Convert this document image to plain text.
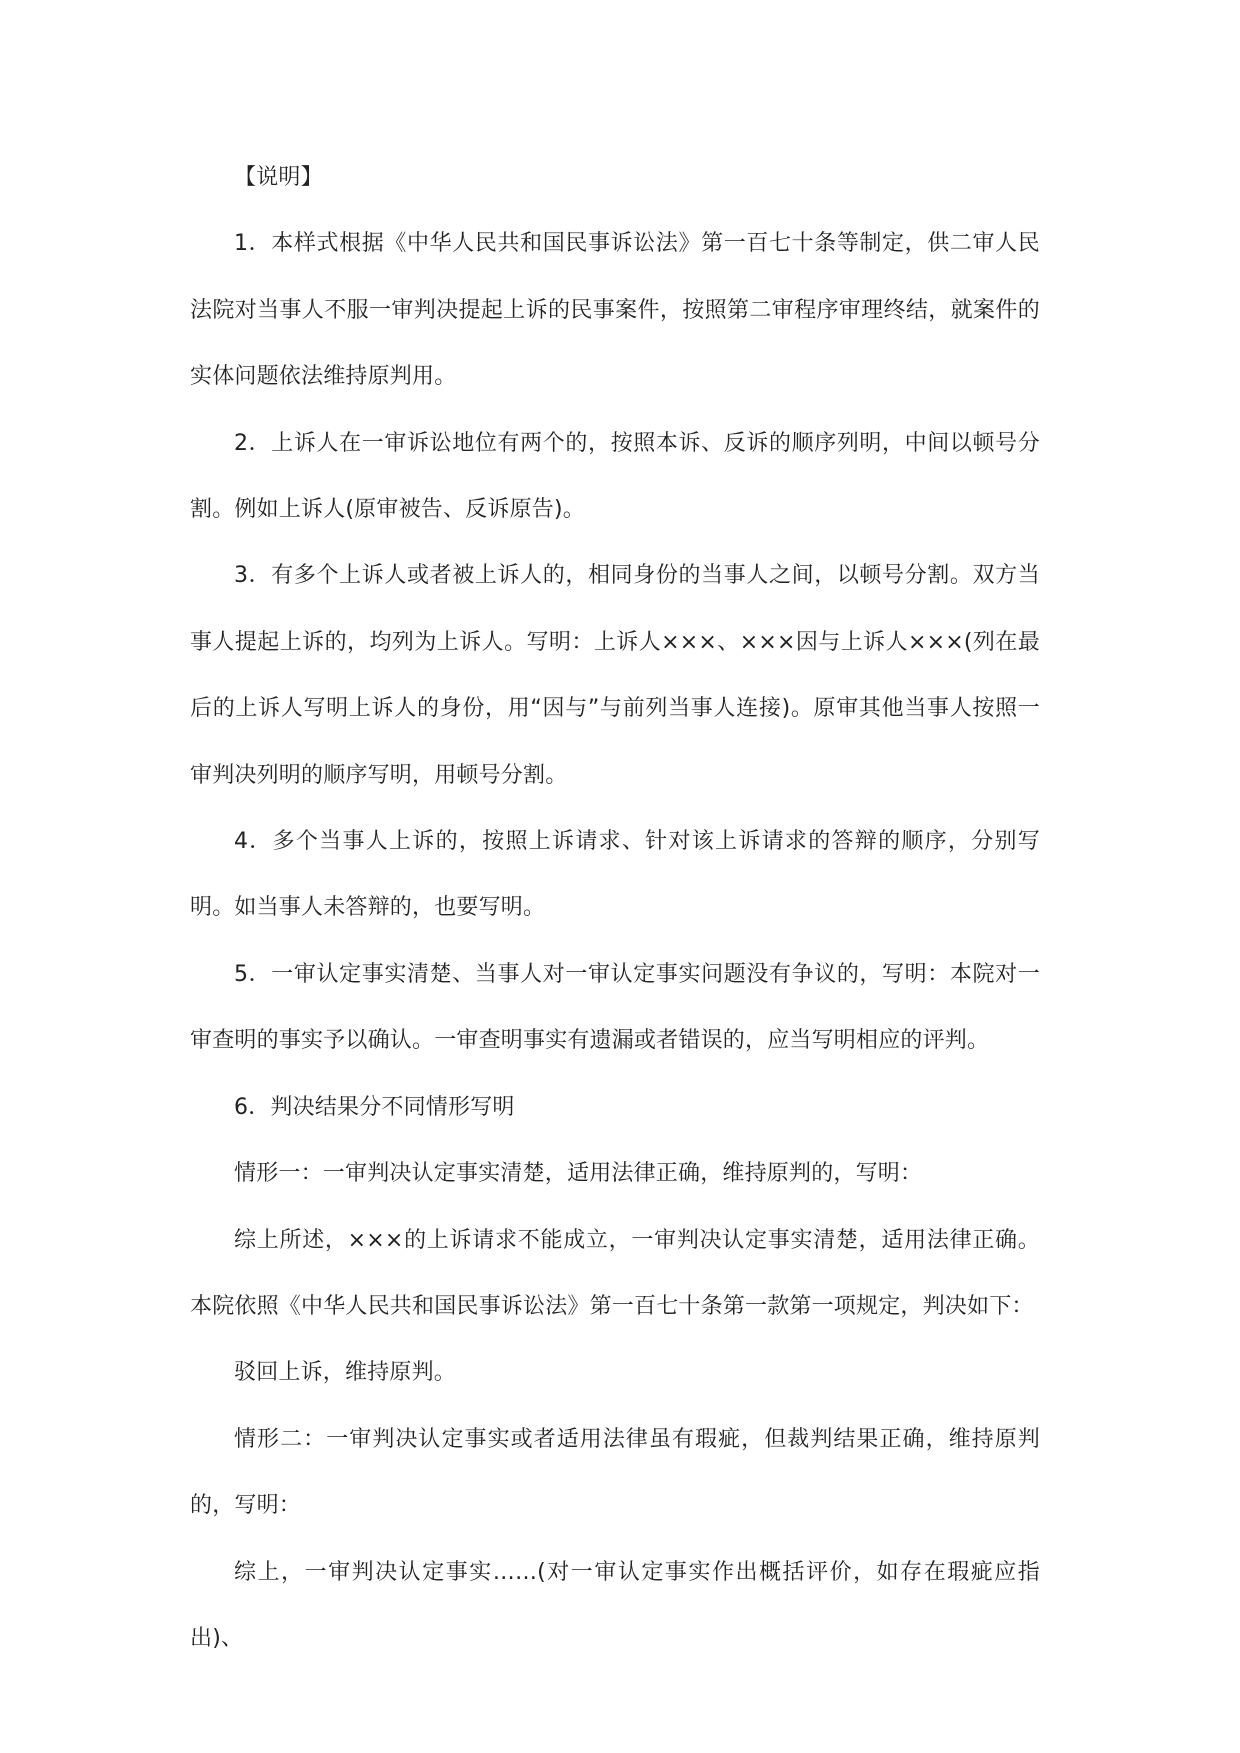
【说明】

1．本样式根据《中华人民共和国民事诉讼法》第一百七十条等制定，供二审人民法院对当事人不服一审判决提起上诉的民事案件，按照第二审程序审理终结，就案件的实体问题依法维持原判用。

2．上诉人在一审诉讼地位有两个的，按照本诉、反诉的顺序列明，中间以顿号分割。例如上诉人(原审被告、反诉原告)。

3．有多个上诉人或者被上诉人的，相同身份的当事人之间，以顿号分割。双方当事人提起上诉的，均列为上诉人。写明：上诉人×××、×××因与上诉人×××(列在最后的上诉人写明上诉人的身份，用“因与”与前列当事人连接)。原审其他当事人按照一审判决列明的顺序写明，用顿号分割。

4．多个当事人上诉的，按照上诉请求、针对该上诉请求的答辩的顺序，分别写明。如当事人未答辩的，也要写明。

5．一审认定事实清楚、当事人对一审认定事实问题没有争议的，写明：本院对一审查明的事实予以确认。一审查明事实有遗漏或者错误的，应当写明相应的评判。

6．判决结果分不同情形写明

情形一：一审判决认定事实清楚，适用法律正确，维持原判的，写明：

综上所述，×××的上诉请求不能成立，一审判决认定事实清楚，适用法律正确。本院依照《中华人民共和国民事诉讼法》第一百七十条第一款第一项规定，判决如下：

驳回上诉，维持原判。

情形二：一审判决认定事实或者适用法律虽有瑕疵，但裁判结果正确，维持原判的，写明：

综上，一审判决认定事实……(对一审认定事实作出概括评价，如存在瑕疵应指出)、
